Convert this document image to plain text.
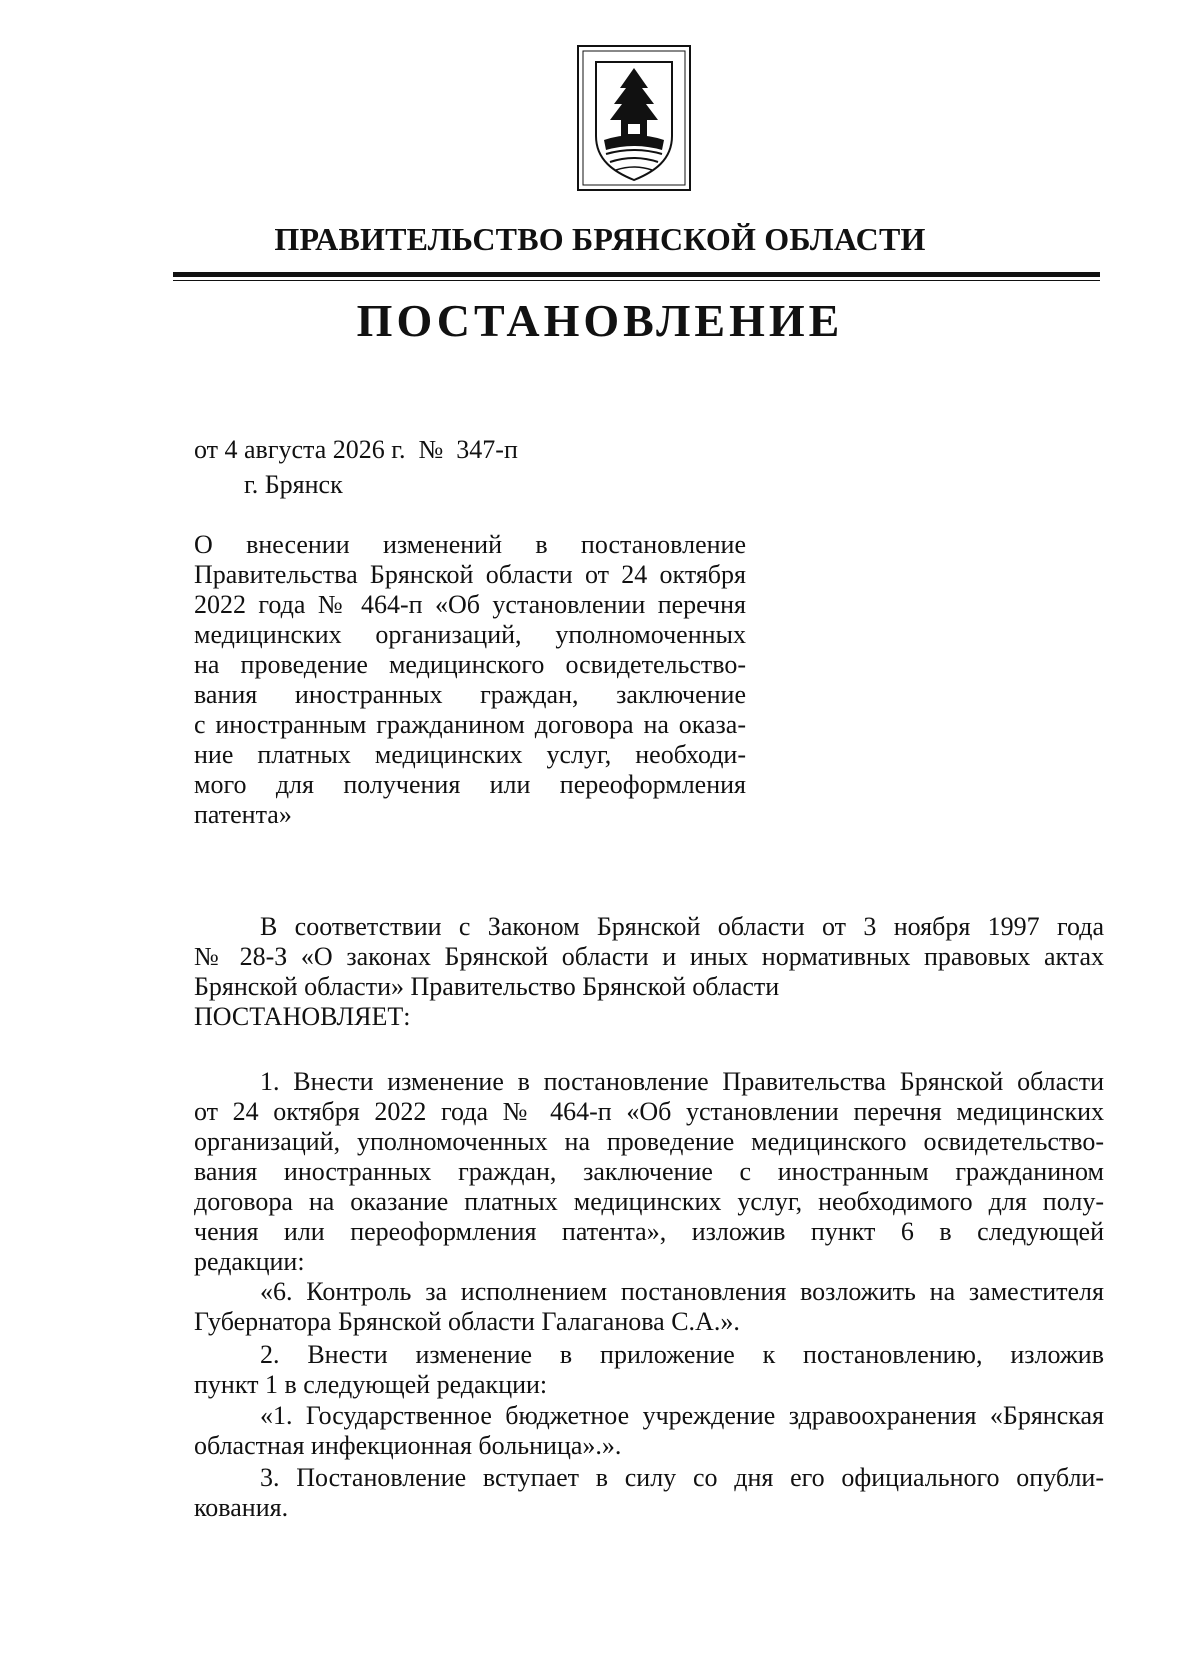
ПРАВИТЕЛЬСТВО БРЯНСКОЙ ОБЛАСТИ
ПОСТАНОВЛЕНИЕ
от 4 августа 2026 г.  №  347-п
г. Брянск
О внесении изменений в постановление
Правительства Брянской области от 24 октября
2022 года № 464-п «Об установлении перечня
медицинских организаций, уполномоченных
на проведение медицинского освидетельство-
вания иностранных граждан, заключение
с иностранным гражданином договора на оказа-
ние платных медицинских услуг, необходи-
мого для получения или переоформления
патента»
В соответствии с Законом Брянской области от 3 ноября 1997 года
№ 28-З «О законах Брянской области и иных нормативных правовых актах
Брянской области» Правительство Брянской области
ПОСТАНОВЛЯЕТ:
1. Внести изменение в постановление Правительства Брянской области
от 24 октября 2022 года № 464-п «Об установлении перечня медицинских
организаций, уполномоченных на проведение медицинского освидетельство-
вания иностранных граждан, заключение с иностранным гражданином
договора на оказание платных медицинских услуг, необходимого для полу-
чения или переоформления патента», изложив пункт 6 в следующей
редакции:
«6. Контроль за исполнением постановления возложить на заместителя
Губернатора Брянской области Галаганова С.А.».
2. Внести изменение в приложение к постановлению, изложив
пункт 1 в следующей редакции:
«1. Государственное бюджетное учреждение здравоохранения «Брянская
областная инфекционная больница».».
3. Постановление вступает в силу со дня его официального опубли-
кования.
